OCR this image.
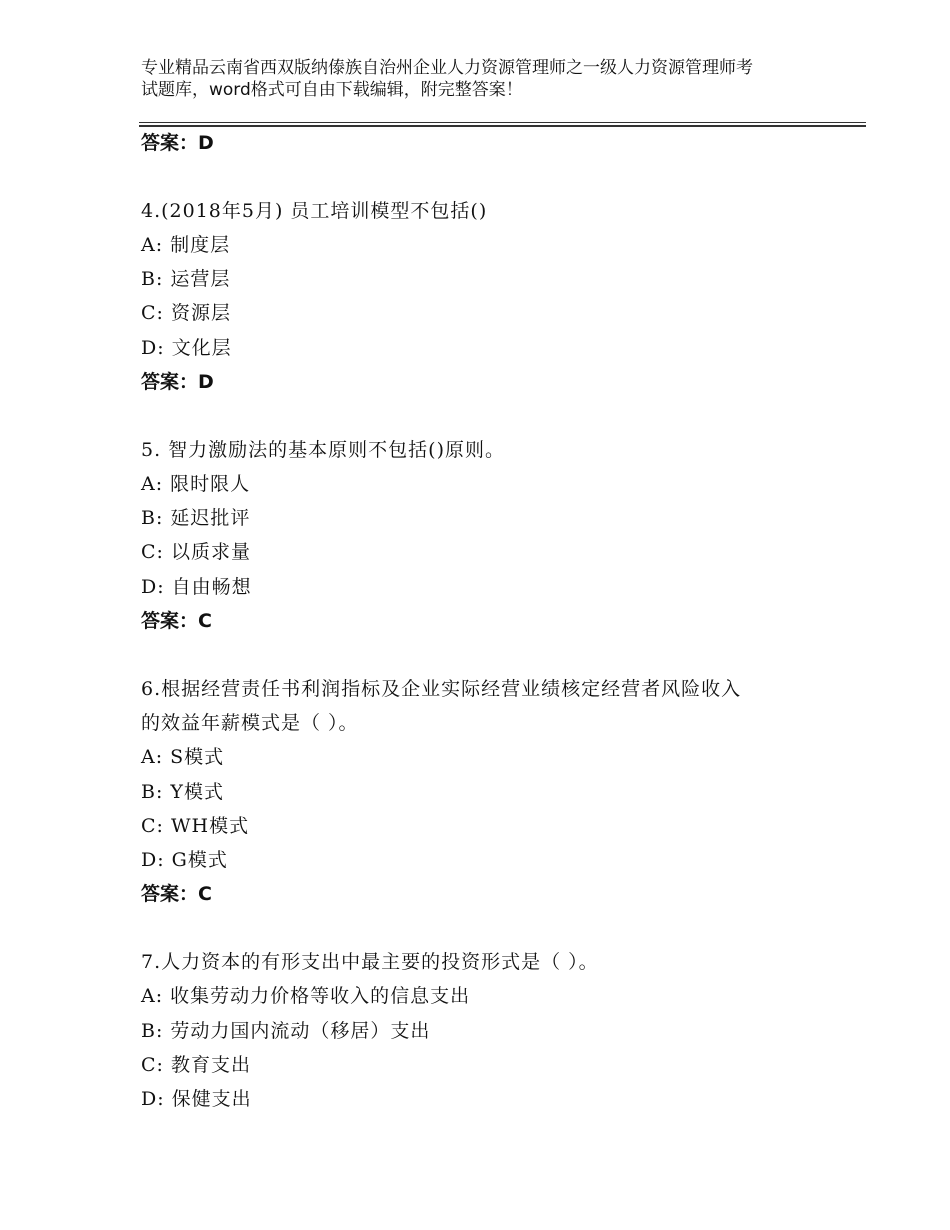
专业精品云南省西双版纳傣族自治州企业人力资源管理师之一级人力资源管理师考
试题库，word格式可自由下载编辑，附完整答案！
答案：D
4.(2018年5月) 员工培训模型不包括()
A: 制度层
B: 运营层
C: 资源层
D: 文化层
答案：D
5. 智力激励法的基本原则不包括()原则。
A: 限时限人
B: 延迟批评
C: 以质求量
D: 自由畅想
答案：C
6.根据经营责任书利润指标及企业实际经营业绩核定经营者风险收入
的效益年薪模式是（ ）。
A: S模式
B: Y模式
C: WH模式
D: G模式
答案：C
7.人力资本的有形支出中最主要的投资形式是（ ）。
A: 收集劳动力价格等收入的信息支出
B: 劳动力国内流动（移居）支出
C: 教育支出
D: 保健支出
